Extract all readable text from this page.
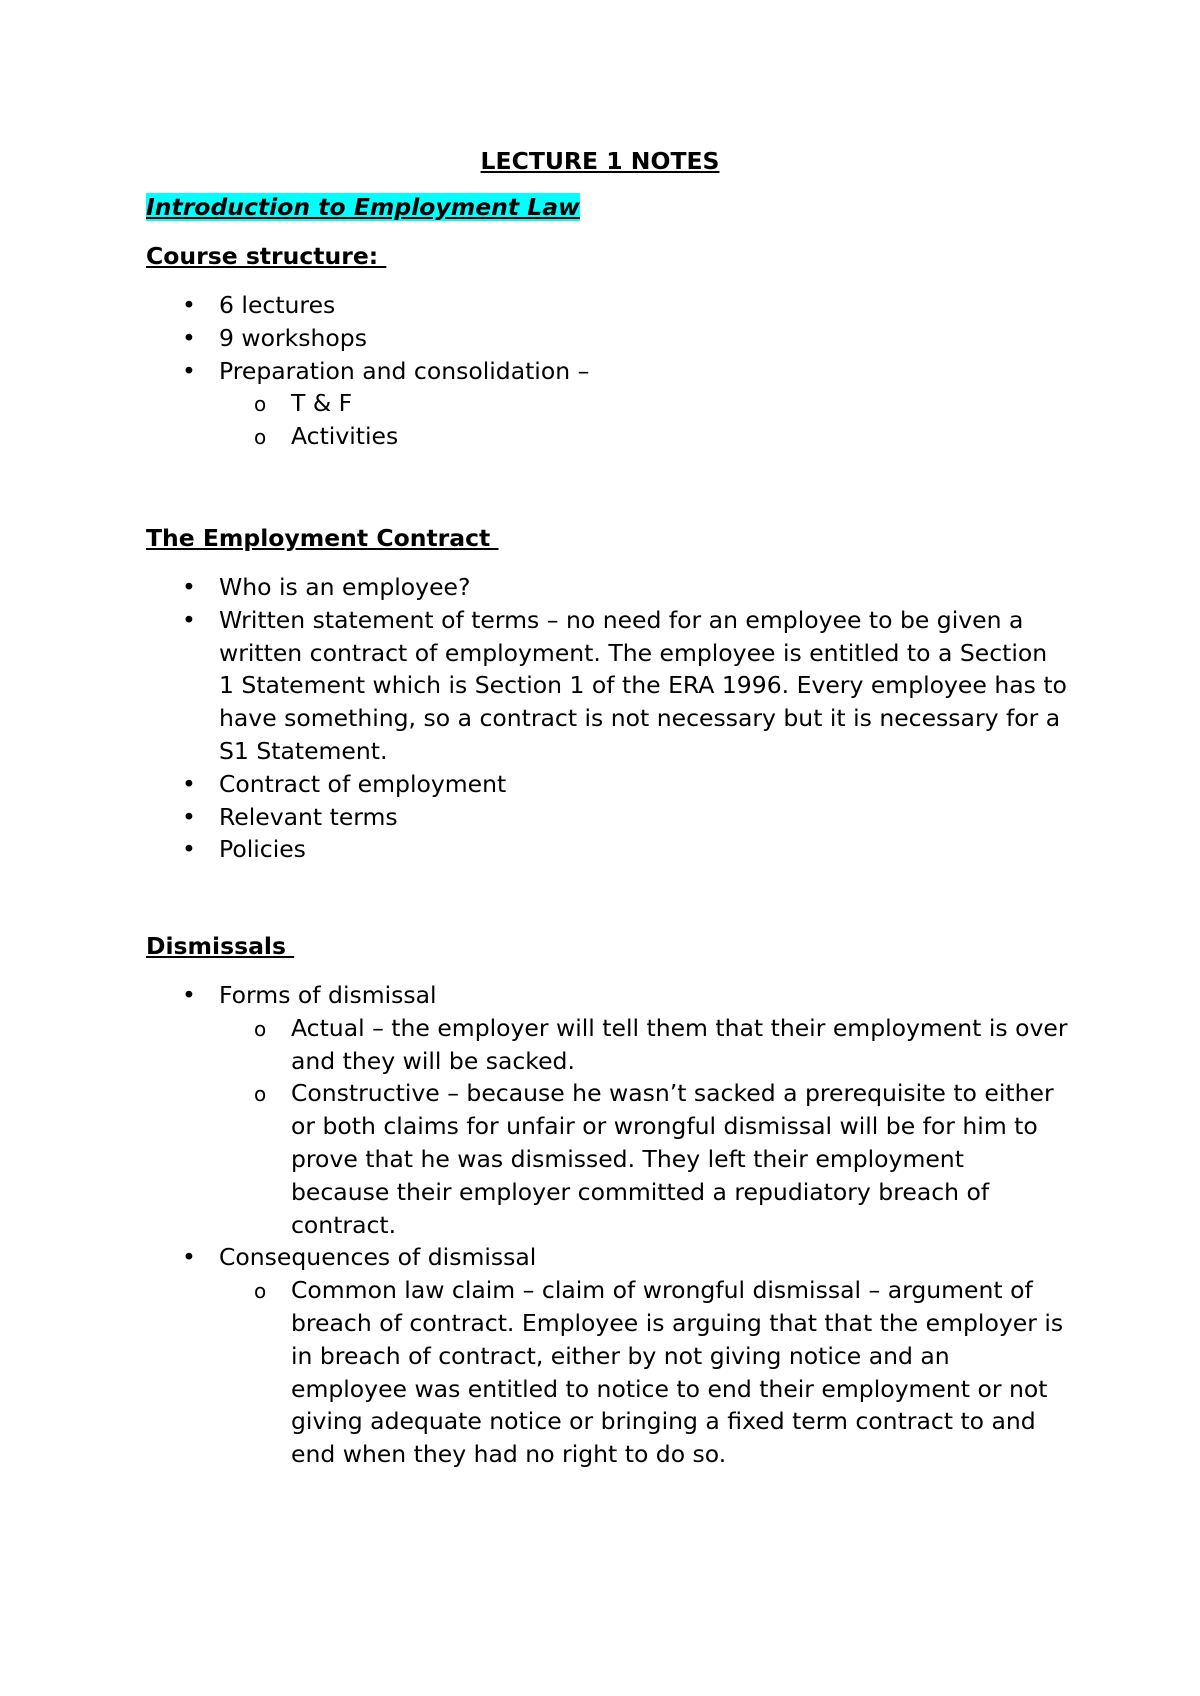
LECTURE 1 NOTES
Introduction to Employment Law
Course structure:
• 6 lectures
• 9 workshops
• Preparation and consolidation –
o T & F
o Activities
The Employment Contract
• Who is an employee?
• Written statement of terms – no need for an employee to be given a written contract of employment. The employee is entitled to a Section 1 Statement which is Section 1 of the ERA 1996. Every employee has to have something, so a contract is not necessary but it is necessary for a S1 Statement.
• Contract of employment
• Relevant terms
• Policies
Dismissals
• Forms of dismissal
o Actual – the employer will tell them that their employment is over and they will be sacked.
o Constructive – because he wasn’t sacked a prerequisite to either or both claims for unfair or wrongful dismissal will be for him to prove that he was dismissed. They left their employment because their employer committed a repudiatory breach of contract.
• Consequences of dismissal
o Common law claim – claim of wrongful dismissal – argument of breach of contract. Employee is arguing that that the employer is in breach of contract, either by not giving notice and an employee was entitled to notice to end their employment or not giving adequate notice or bringing a fixed term contract to and end when they had no right to do so.
